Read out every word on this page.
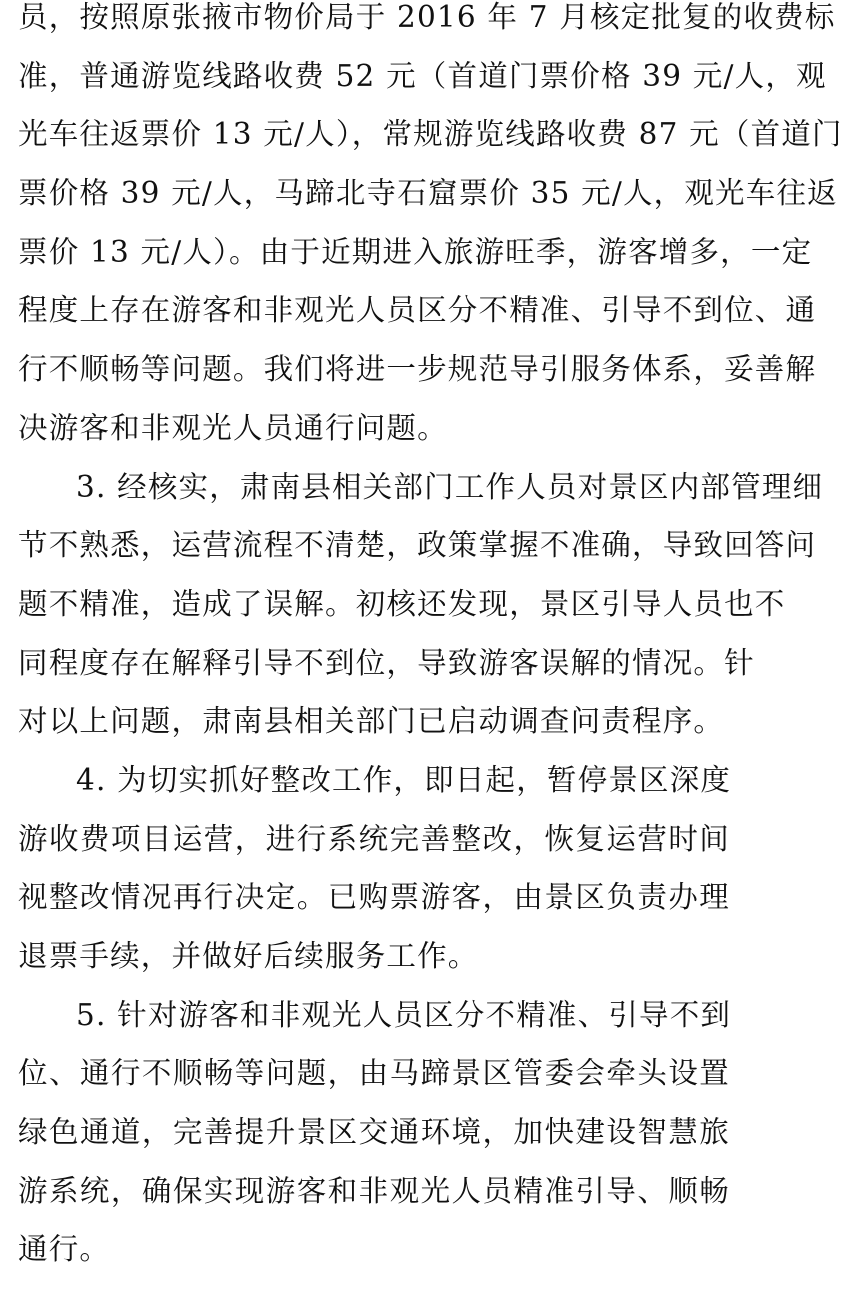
员，按照原张掖市物价局于 2016 年 7 月核定批复的收费标
准，普通游览线路收费 52 元（首道门票价格 39 元/人，观
光车往返票价 13 元/人），常规游览线路收费 87 元（首道门
票价格 39 元/人，马蹄北寺石窟票价 35 元/人，观光车往返
票价 13 元/人）。由于近期进入旅游旺季，游客增多，一定
程度上存在游客和非观光人员区分不精准、引导不到位、通
行不顺畅等问题。我们将进一步规范导引服务体系，妥善解
决游客和非观光人员通行问题。
3. 经核实，肃南县相关部门工作人员对景区内部管理细
节不熟悉，运营流程不清楚，政策掌握不准确，导致回答问
题不精准，造成了误解。初核还发现，景区引导人员也不
同程度存在解释引导不到位，导致游客误解的情况。针
对以上问题，肃南县相关部门已启动调查问责程序。
4. 为切实抓好整改工作，即日起，暂停景区深度
游收费项目运营，进行系统完善整改，恢复运营时间
视整改情况再行决定。已购票游客，由景区负责办理
退票手续，并做好后续服务工作。
5. 针对游客和非观光人员区分不精准、引导不到
位、通行不顺畅等问题，由马蹄景区管委会牵头设置
绿色通道，完善提升景区交通环境，加快建设智慧旅
游系统，确保实现游客和非观光人员精准引导、顺畅
通行。
